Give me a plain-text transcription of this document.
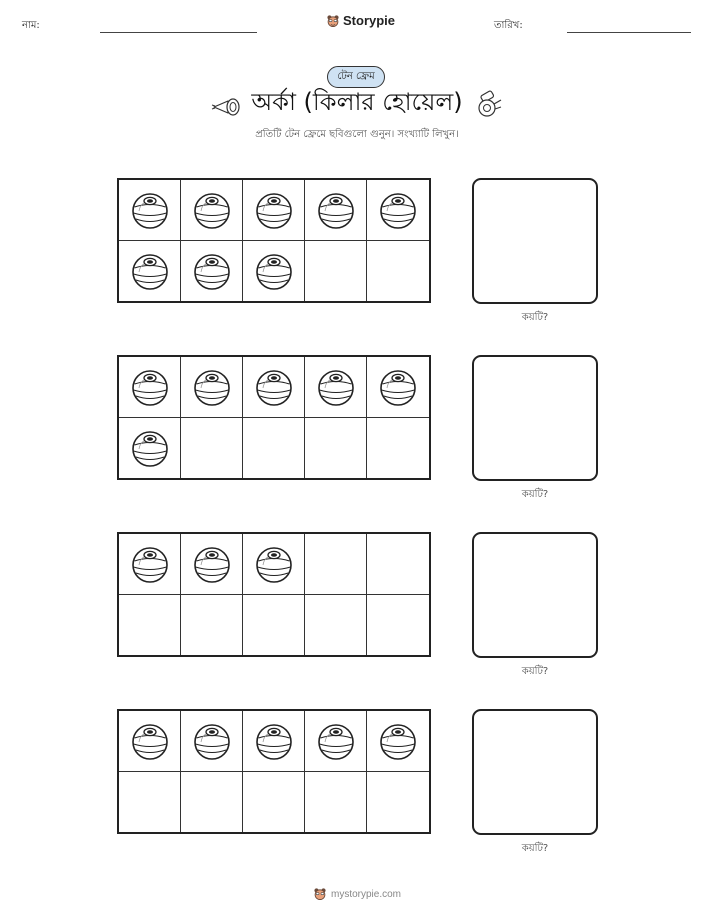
নাম:	Storypie	তারিখ:
টেন ফ্রেম
অর্কা (কিলার হোয়েল)
প্রতিটি টেন ফ্রেমে ছবিগুলো গুনুন। সংখ্যাটি লিখুন।
কয়টি?
কয়টি?
কয়টি?
কয়টি?
mystorypie.com
